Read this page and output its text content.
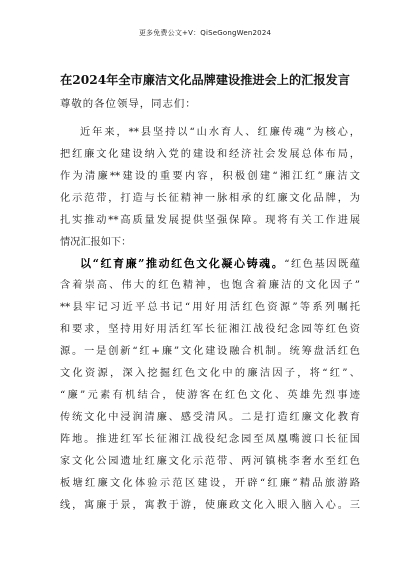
更多免费公文+V：QiSeGongWen2024
在2024年全市廉洁文化品牌建设推进会上的汇报发言
尊敬的各位领导，同志们：
近年来，**县坚持以“山水育人、红廉传魂”为核心，
把红廉文化建设纳入党的建设和经济社会发展总体布局，
作为清廉**建设的重要内容，积极创建“湘江红”廉洁文
化示范带，打造与长征精神一脉相承的红廉文化品牌，为
扎实推动**高质量发展提供坚强保障。现将有关工作进展
情况汇报如下：
以“红育廉”推动红色文化凝心铸魂。“红色基因既蕴
含着崇高、伟大的红色精神，也饱含着廉洁的文化因子”
**县牢记习近平总书记“用好用活红色资源”等系列嘱托
和要求，坚持用好用活红军长征湘江战役纪念园等红色资
源。一是创新“红+廉”文化建设融合机制。统筹盘活红色
文化资源，深入挖掘红色文化中的廉洁因子，将“红”、
“廉”元素有机结合，使游客在红色文化、英雄先烈事迹
传统文化中浸润清廉、感受清风。二是打造红廉文化教育
阵地。推进红军长征湘江战役纪念园至凤凰嘴渡口长征国
家文化公园遗址红廉文化示范带、两河镇桃李奢水至红色
板塘红廉文化体验示范区建设，开辟“红廉”精品旅游路
线，寓廉于景，寓教于游，使廉政文化入眼入脑入心。三
